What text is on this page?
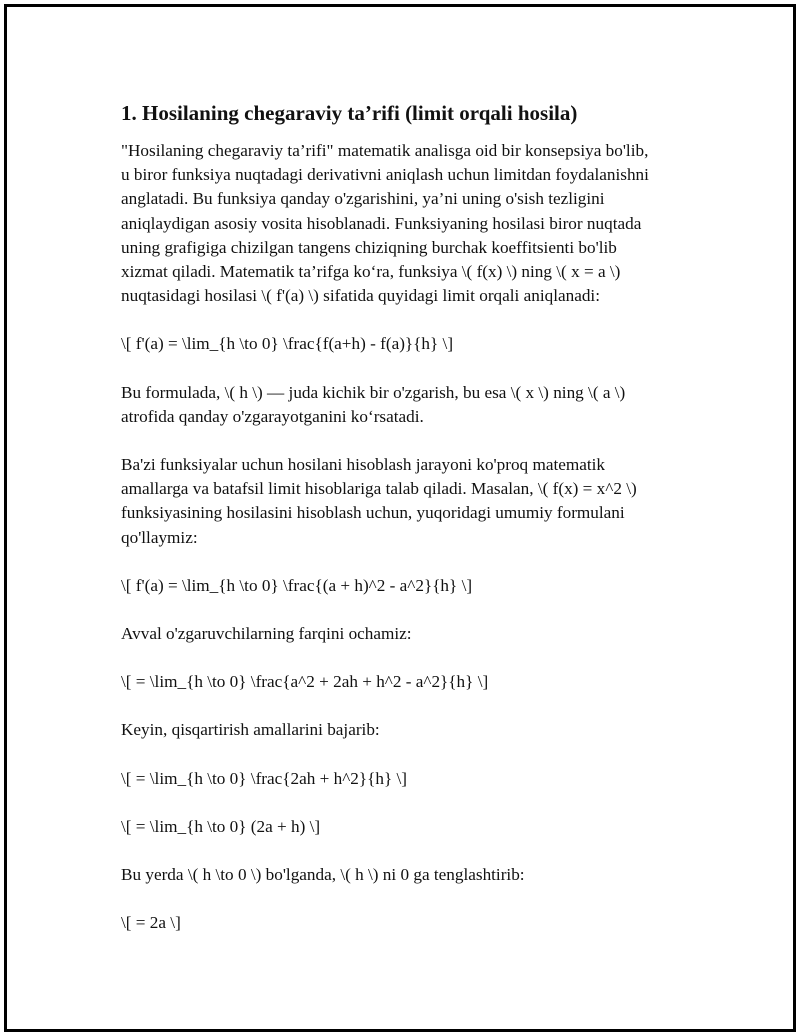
1. Hosilaning chegaraviy ta’rifi (limit orqali hosila)
"Hosilaning chegaraviy ta’rifi" matematik analisga oid bir konsepsiya bo'lib,
u biror funksiya nuqtadagi derivativni aniqlash uchun limitdan foydalanishni
anglatadi. Bu funksiya qanday o'zgarishini, ya’ni uning o'sish tezligini
aniqlaydigan asosiy vosita hisoblanadi. Funksiyaning hosilasi biror nuqtada
uning grafigiga chizilgan tangens chiziqning burchak koeffitsienti bo'lib
xizmat qiladi. Matematik ta’rifga ko‘ra, funksiya \( f(x) \) ning \( x = a \)
nuqtasidagi hosilasi \( f'(a) \) sifatida quyidagi limit orqali aniqlanadi:
\[ f'(a) = \lim_{h \to 0} \frac{f(a+h) - f(a)}{h} \]
Bu formulada, \( h \) — juda kichik bir o'zgarish, bu esa \( x \) ning \( a \)
atrofida qanday o'zgarayotganini ko‘rsatadi.
Ba'zi funksiyalar uchun hosilani hisoblash jarayoni ko'proq matematik
amallarga va batafsil limit hisoblariga talab qiladi. Masalan, \( f(x) = x^2 \)
funksiyasining hosilasini hisoblash uchun, yuqoridagi umumiy formulani
qo'llaymiz:
\[ f'(a) = \lim_{h \to 0} \frac{(a + h)^2 - a^2}{h} \]
Avval o'zgaruvchilarning farqini ochamiz:
\[ = \lim_{h \to 0} \frac{a^2 + 2ah + h^2 - a^2}{h} \]
Keyin, qisqartirish amallarini bajarib:
\[ = \lim_{h \to 0} \frac{2ah + h^2}{h} \]
\[ = \lim_{h \to 0} (2a + h) \]
Bu yerda \( h \to 0 \) bo'lganda, \( h \) ni 0 ga tenglashtirib:
\[ = 2a \]
